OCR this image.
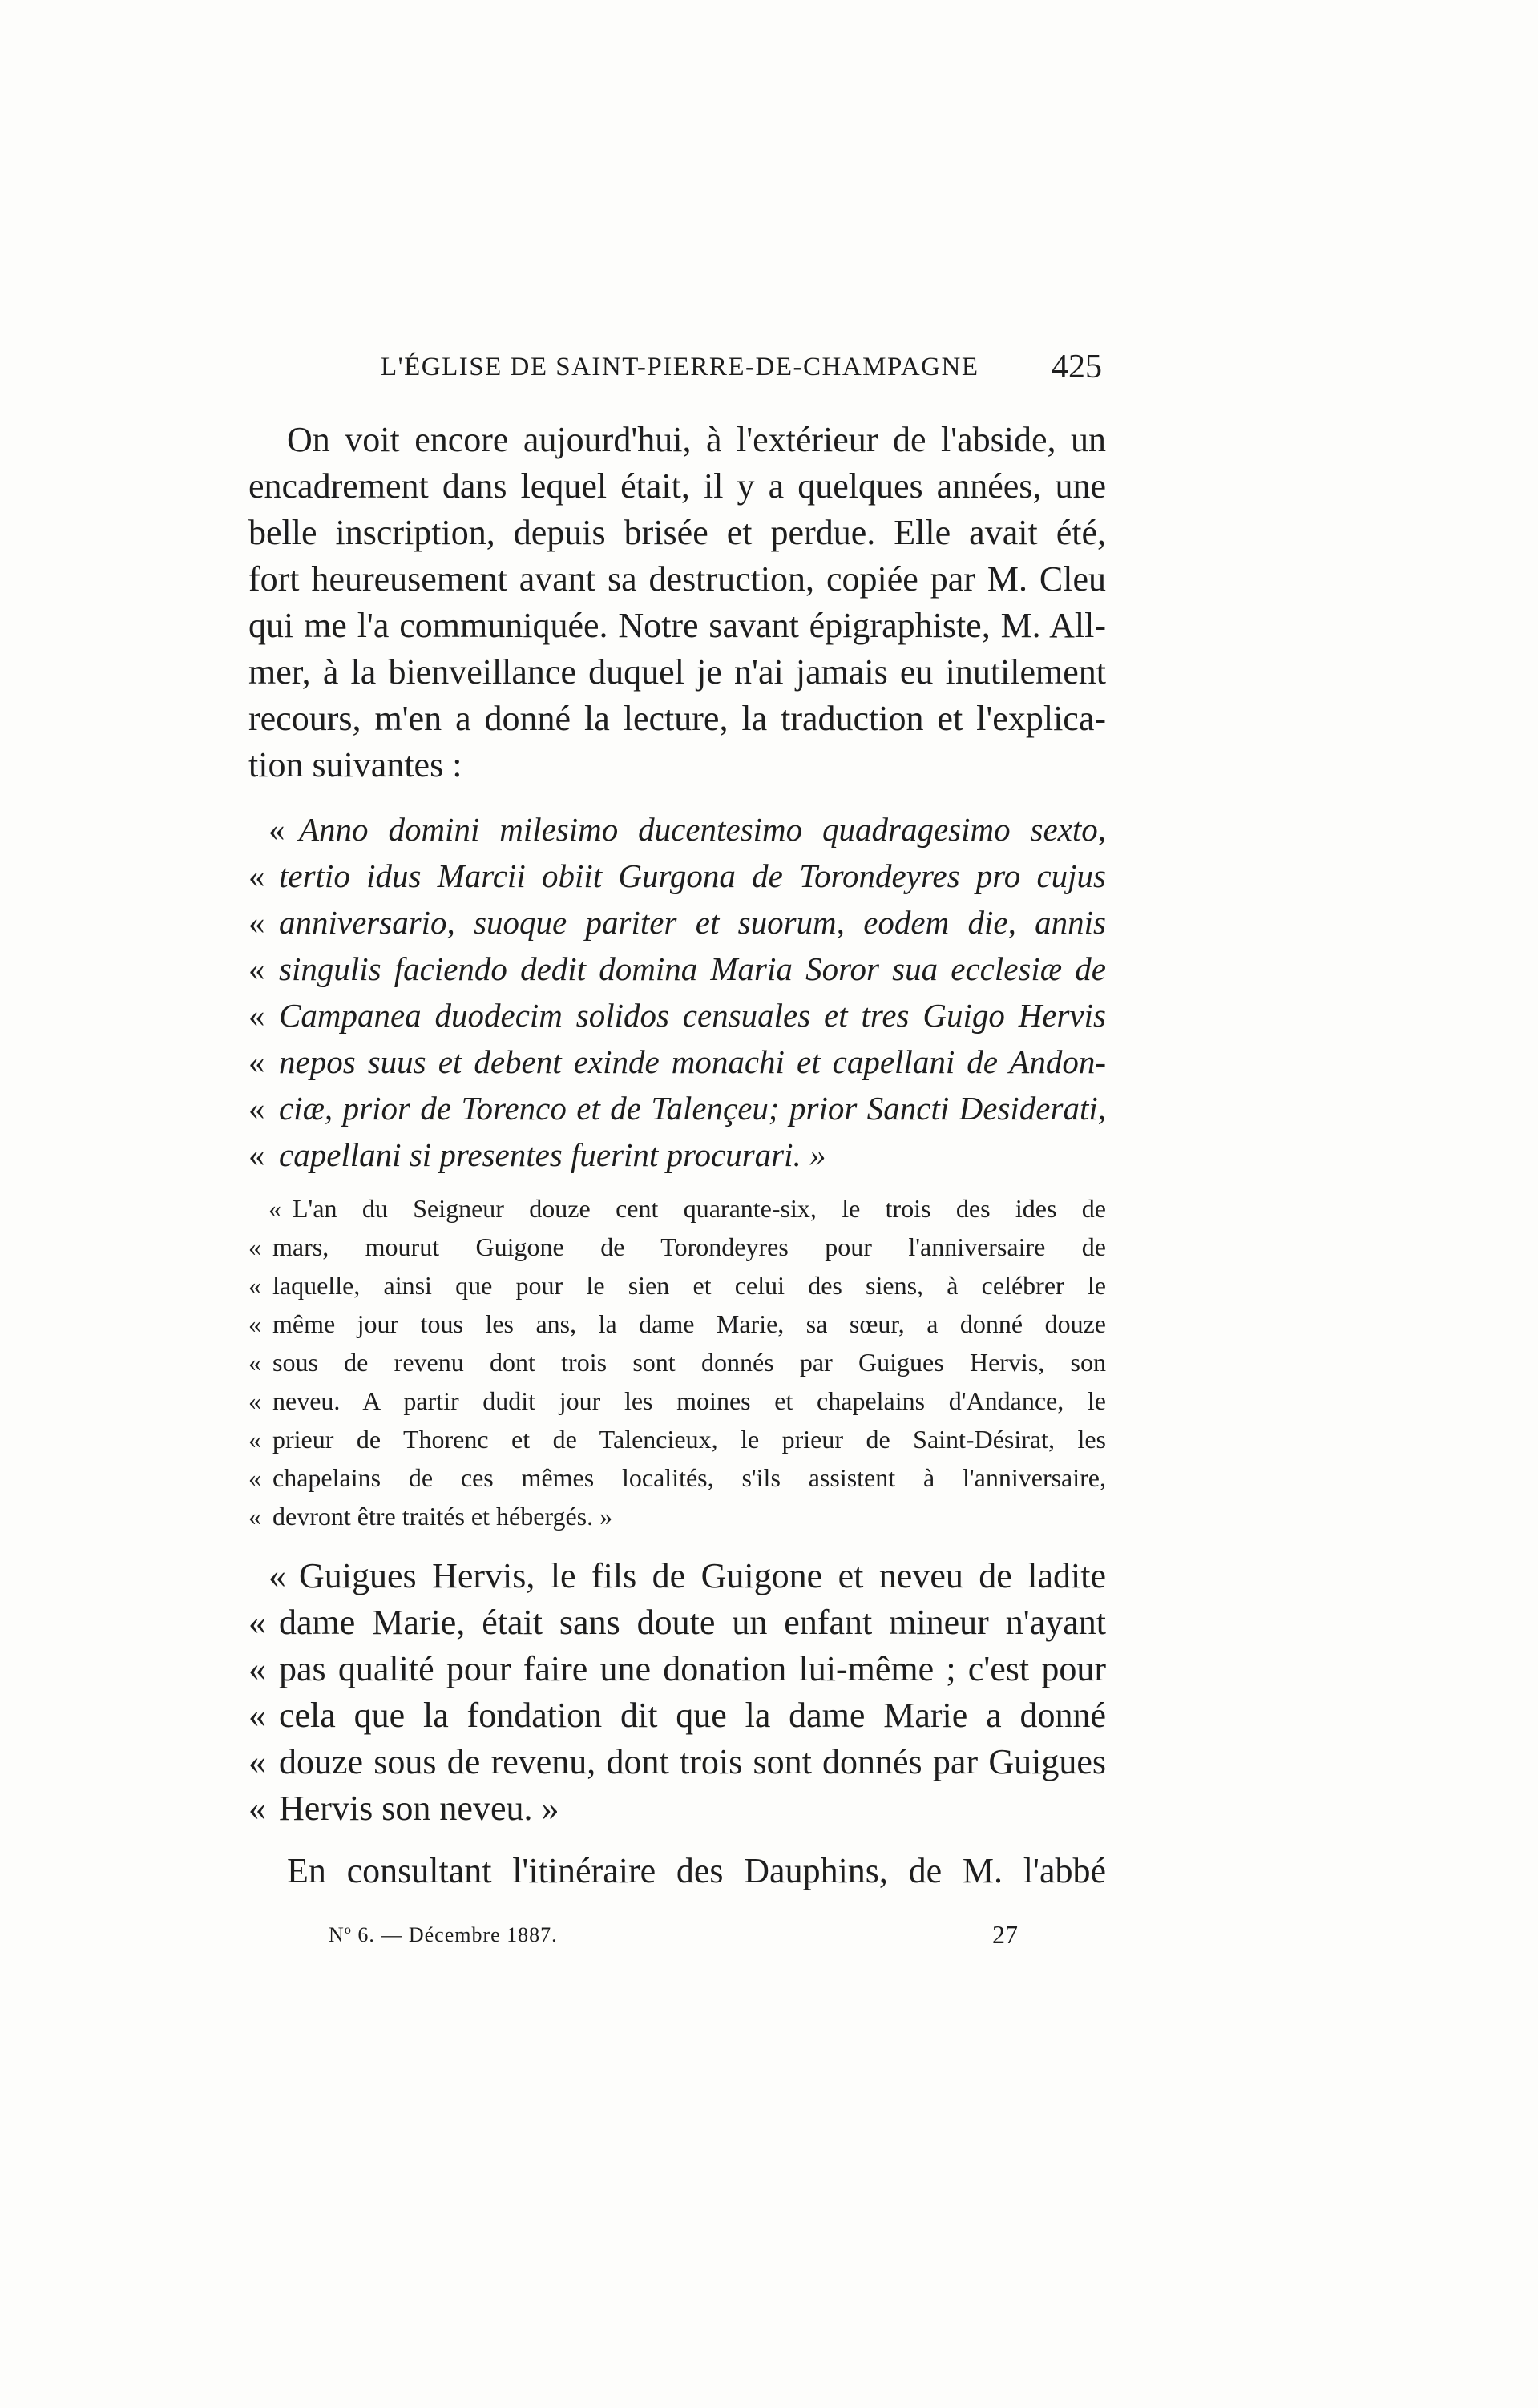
L'ÉGLISE DE SAINT-PIERRE-DE-CHAMPAGNE 425

On voit encore aujourd'hui, à l'extérieur de l'abside, un
encadrement dans lequel était, il y a quelques années, une
belle inscription, depuis brisée et perdue. Elle avait été,
fort heureusement avant sa destruction, copiée par M. Cleu
qui me l'a communiquée. Notre savant épigraphiste, M. All-
mer, à la bienveillance duquel je n'ai jamais eu inutilement
recours, m'en a donné la lecture, la traduction et l'explica-
tion suivantes :

« Anno domini milesimo ducentesimo quadragesimo sexto,
« tertio idus Marcii obiit Gurgona de Torondeyres pro cujus
« anniversario, suoque pariter et suorum, eodem die, annis
« singulis faciendo dedit domina Maria Soror sua ecclesiæ de
« Campanea duodecim solidos censuales et tres Guigo Hervis
« nepos suus et debent exinde monachi et capellani de Andon-
« ciæ, prior de Torenco et de Talençeu; prior Sancti Desiderati,
« capellani si presentes fuerint procurari. »
« L'an du Seigneur douze cent quarante-six, le trois des ides de
« mars, mourut Guigone de Torondeyres pour l'anniversaire de
« laquelle, ainsi que pour le sien et celui des siens, à celébrer le
« même jour tous les ans, la dame Marie, sa sœur, a donné douze
« sous de revenu dont trois sont donnés par Guigues Hervis, son
« neveu. A partir dudit jour les moines et chapelains d'Andance, le
« prieur de Thorenc et de Talencieux, le prieur de Saint-Désirat, les
« chapelains de ces mêmes localités, s'ils assistent à l'anniversaire,
« devront être traités et hébergés. »
« Guigues Hervis, le fils de Guigone et neveu de ladite
« dame Marie, était sans doute un enfant mineur n'ayant
« pas qualité pour faire une donation lui-même ; c'est pour
« cela que la fondation dit que la dame Marie a donné
« douze sous de revenu, dont trois sont donnés par Guigues
« Hervis son neveu. »

En consultant l'itinéraire des Dauphins, de M. l'abbé

Nº 6. — Décembre 1887.	27
